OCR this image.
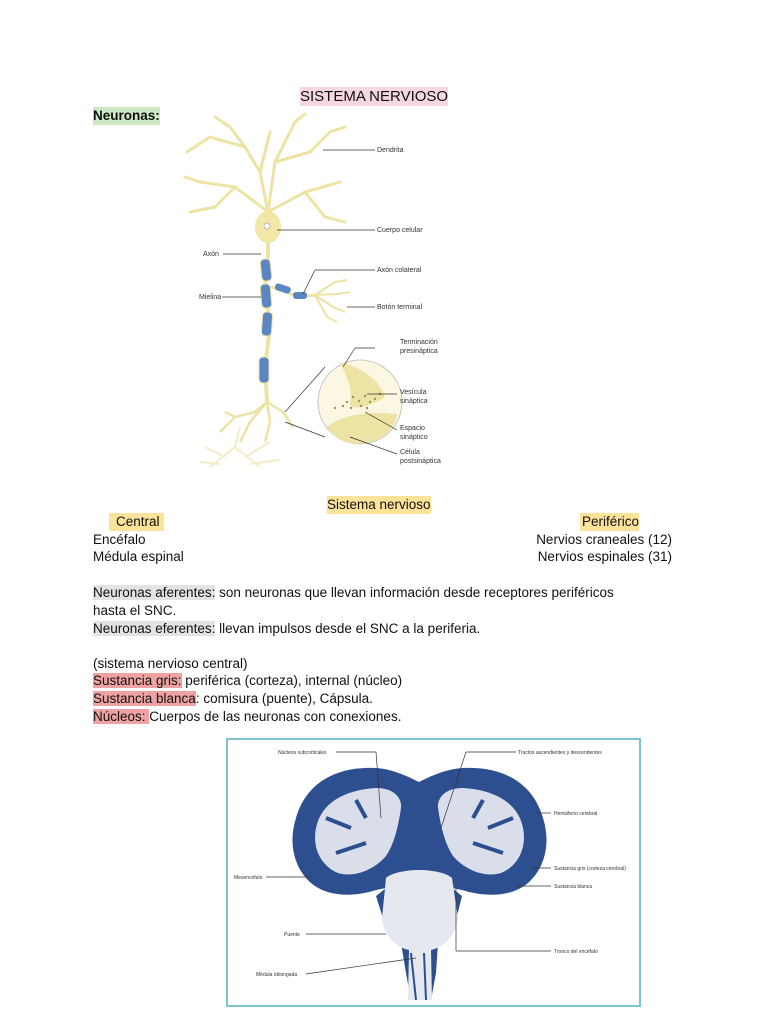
SISTEMA NERVIOSO
Neuronas:
Dendrita
Cuerpo celular
Axón
Axón colateral
Mielina
Botón terminal
Terminación
presináptica
Vesícula
sináptica
Espacio
sináptico
Célula
postsináptica
Sistema nervioso
Central	Periférico
Encéfalo
Médula espinal
Nervios craneales (12)
Nervios espinales (31)
Neuronas aferentes: son neuronas que llevan información desde receptores periféricos
hasta el SNC.
Neuronas eferentes: llevan impulsos desde el SNC a la periferia.
(sistema nervioso central)
Sustancia gris: periférica (corteza), internal (núcleo)
Sustancia blanca: comisura (puente), Cápsula.
Núcleos: Cuerpos de las neuronas con conexiones.
Núcleos subcorticales	Tractos ascendientes y descendentes
Hemisferio cerebral
Mesencéfalo
Sustancia gris (corteza cerebral)
Sustancia blanca
Puente
Tronco del encéfalo
Médula oblongada
